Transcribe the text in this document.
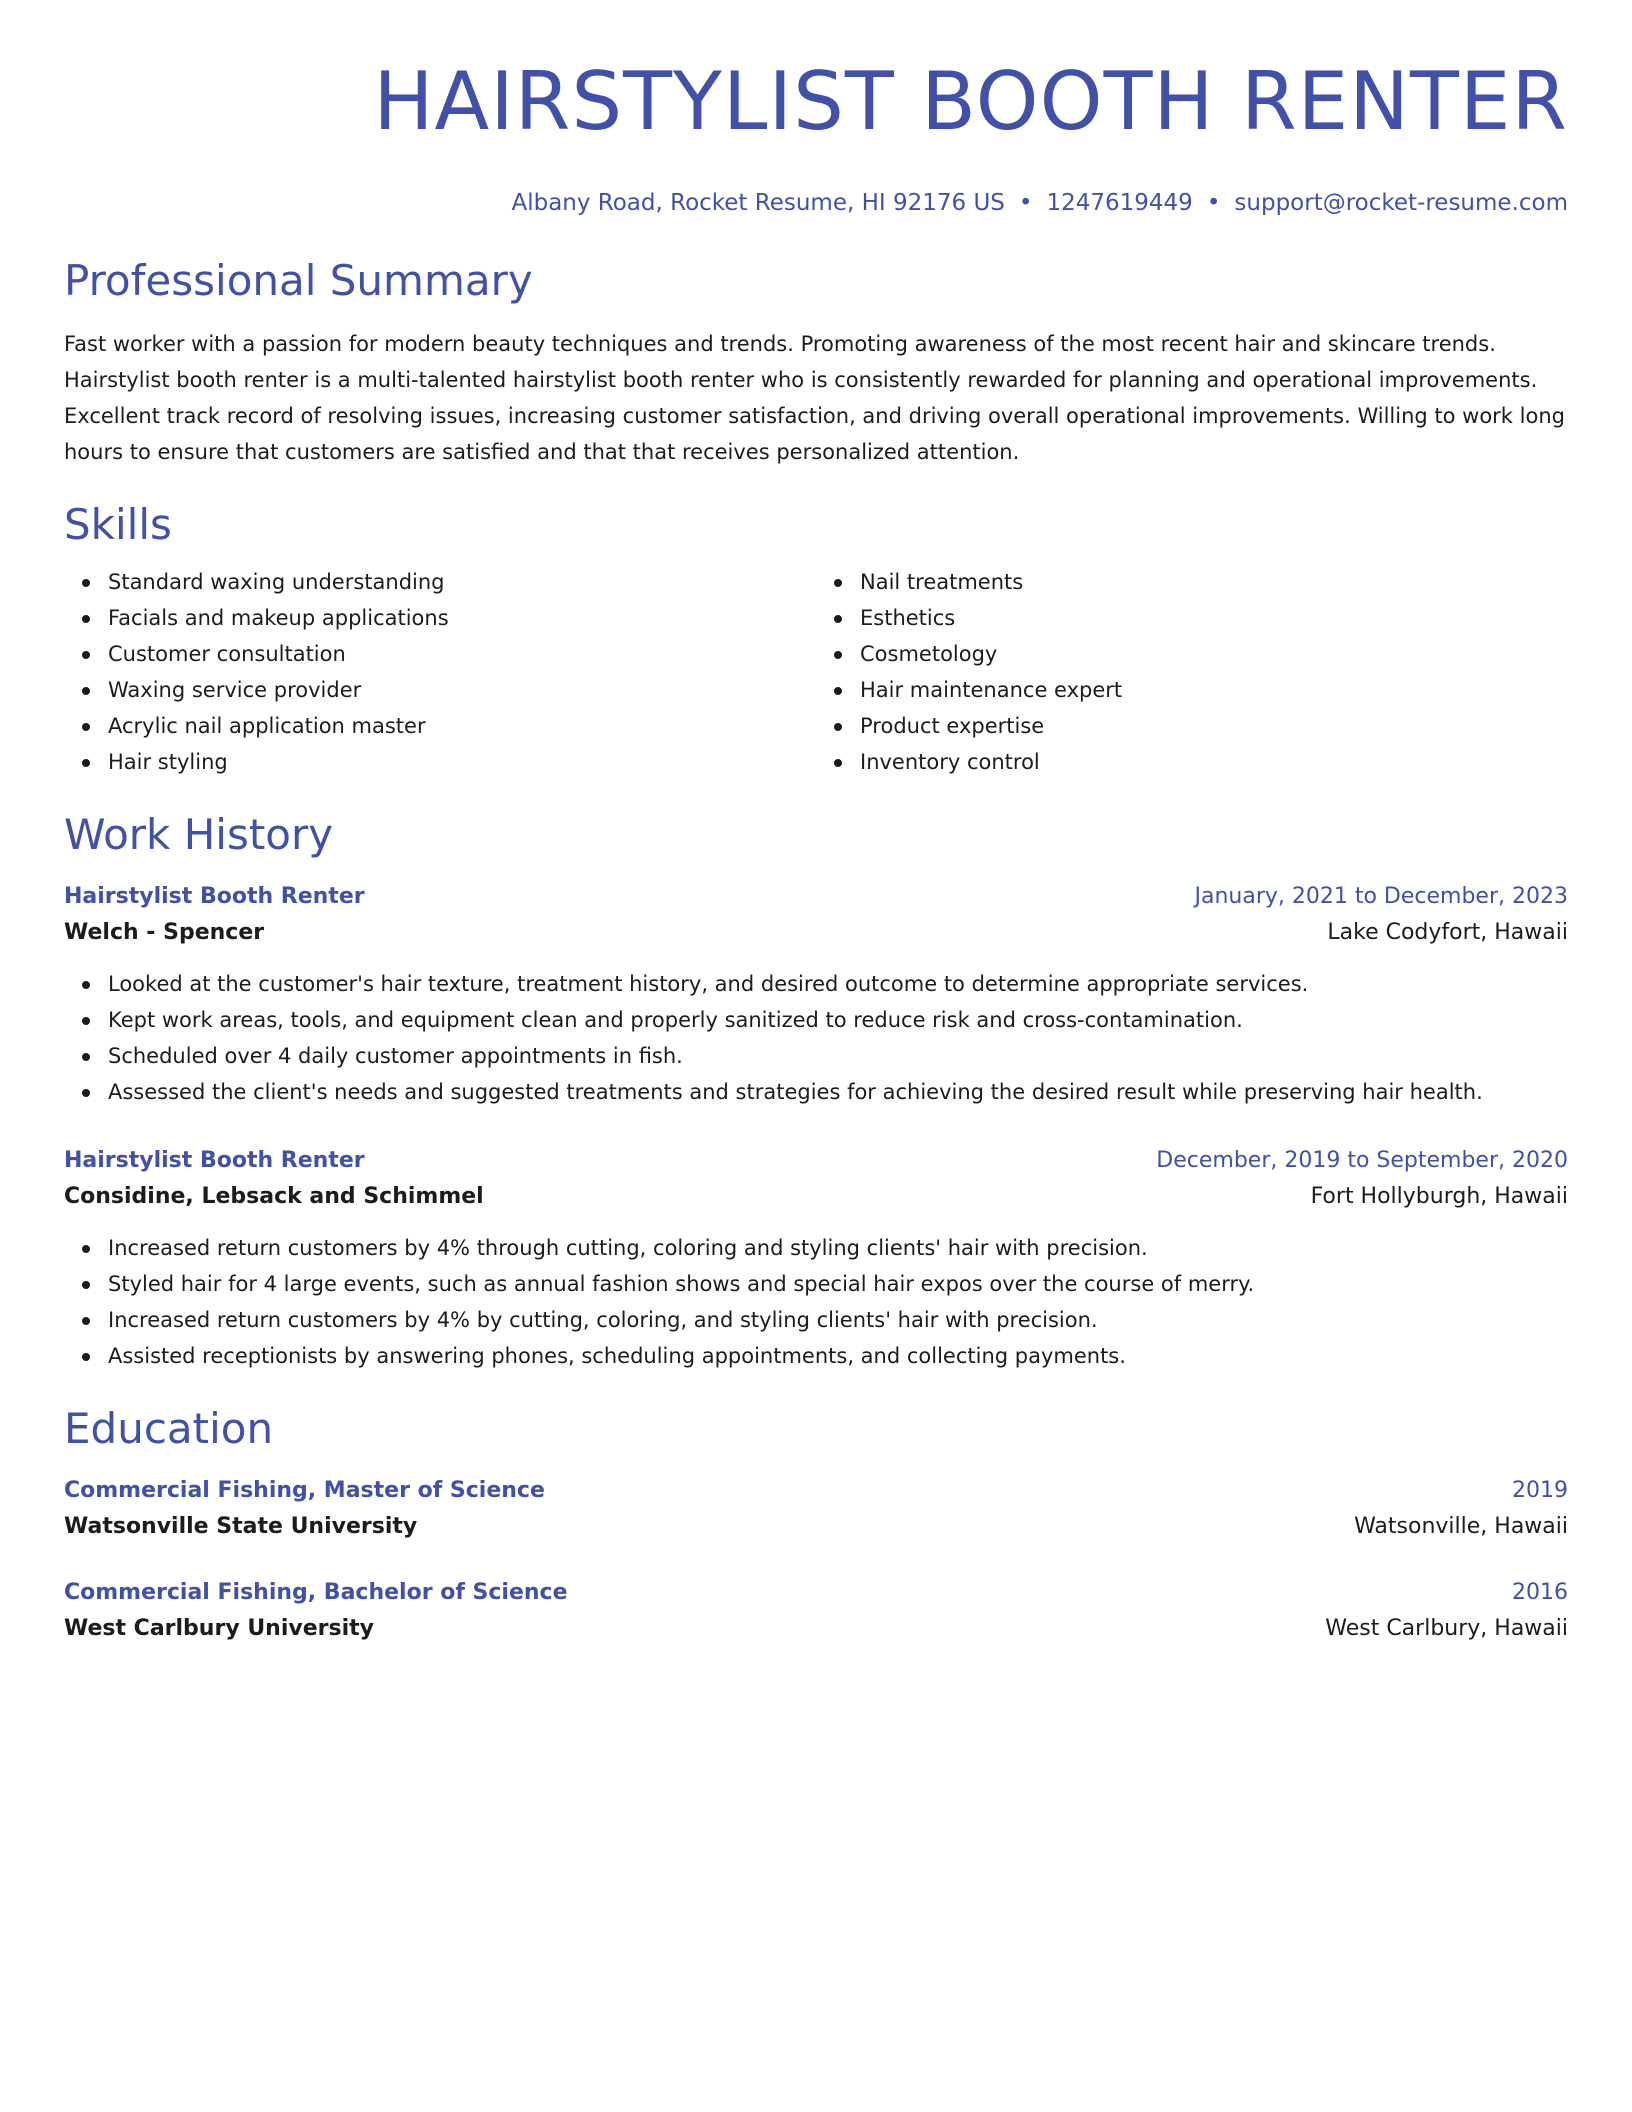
HAIRSTYLIST BOOTH RENTER
Albany Road, Rocket Resume, HI 92176 US • 1247619449 • support@rocket-resume.com
Professional Summary
Fast worker with a passion for modern beauty techniques and trends. Promoting awareness of the most recent hair and skincare trends. Hairstylist booth renter is a multi-talented hairstylist booth renter who is consistently rewarded for planning and operational improvements. Excellent track record of resolving issues, increasing customer satisfaction, and driving overall operational improvements. Willing to work long hours to ensure that customers are satisfied and that that receives personalized attention.
Skills
Standard waxing understanding
Facials and makeup applications
Customer consultation
Waxing service provider
Acrylic nail application master
Hair styling
Nail treatments
Esthetics
Cosmetology
Hair maintenance expert
Product expertise
Inventory control
Work History
Hairstylist Booth Renter	January, 2021 to December, 2023
Welch - Spencer	Lake Codyfort, Hawaii
Looked at the customer's hair texture, treatment history, and desired outcome to determine appropriate services.
Kept work areas, tools, and equipment clean and properly sanitized to reduce risk and cross-contamination.
Scheduled over 4 daily customer appointments in fish.
Assessed the client's needs and suggested treatments and strategies for achieving the desired result while preserving hair health.
Hairstylist Booth Renter	December, 2019 to September, 2020
Considine, Lebsack and Schimmel	Fort Hollyburgh, Hawaii
Increased return customers by 4% through cutting, coloring and styling clients' hair with precision.
Styled hair for 4 large events, such as annual fashion shows and special hair expos over the course of merry.
Increased return customers by 4% by cutting, coloring, and styling clients' hair with precision.
Assisted receptionists by answering phones, scheduling appointments, and collecting payments.
Education
Commercial Fishing, Master of Science	2019
Watsonville State University	Watsonville, Hawaii
Commercial Fishing, Bachelor of Science	2016
West Carlbury University	West Carlbury, Hawaii
